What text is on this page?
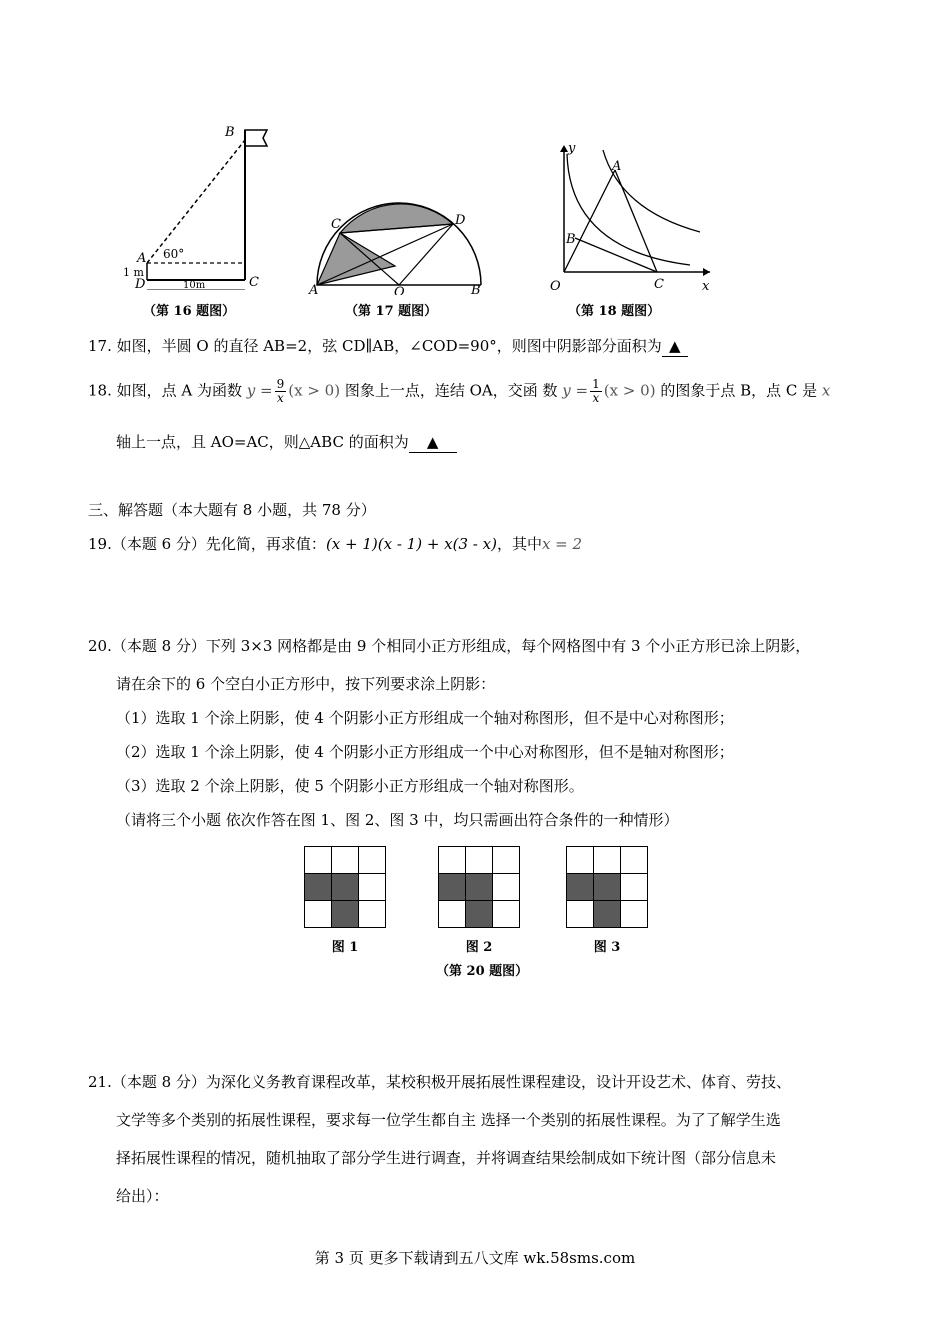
B
A 60°
1 m
D	C
10m
（第 16 题图）
C	D
A	O	B
（第 17 题图）
y
A
B
O	C	x
（第 18 题图）
17. 如图，半圆 O 的直径 AB=2，弦 CD∥AB，∠COD=90°，则图中阴影部分面积为 ▲
18. 如图，点 A 为函数 $y = \frac{9}{x} (x > 0)$ 图象上一点，连结 OA，交函 数 $y = \frac{1}{x} (x > 0)$ 的图象于点 B，点 C 是 x
轴上一点，且 AO=AC，则△ABC 的面积为 ▲
三、解答题（本大题有 8 小题，共 78 分）
19.（本题 6 分）先化简，再求值：(x + 1)(x - 1) + x(3 - x)，其中x = 2
20.（本题 8 分）下列 3×3 网格都是由 9 个相同小正方形组成，每个网格图中有 3 个小正方形已涂上阴影，
请在余下的 6 个空白小正方形中，按下列要求涂上阴影：
（1）选取 1 个涂上阴影，使 4 个阴影小正方形组成一个轴对称图形，但不是中心对称图形；
（2）选取 1 个涂上阴影，使 4 个阴影小正方形组成一个中心对称图形，但不是轴对称图形；
（3）选取 2 个涂上阴影，使 5 个阴影小正方形组成一个轴对称图形。
（请将三个小题 依次作答在图 1、图 2、图 3 中，均只需画出符合条件的一种情形）

图 1

			图 2

			图 3
（第 20 题图）
21.（本题 8 分）为深化义务教育课程改革，某校积极开展拓展性课程建设，设计开设艺术、体育、劳技、
文学等多个类别的拓展性课程，要求每一位学生都自主 选择一个类别的拓展性课程。为了了解学生选
择拓展性课程的情况，随机抽取了部分学生进行调查，并将调查结果绘制成如下统计图（部分信息未
给出）：
第 3 页 更多下载请到五八文库 wk.58sms.com
